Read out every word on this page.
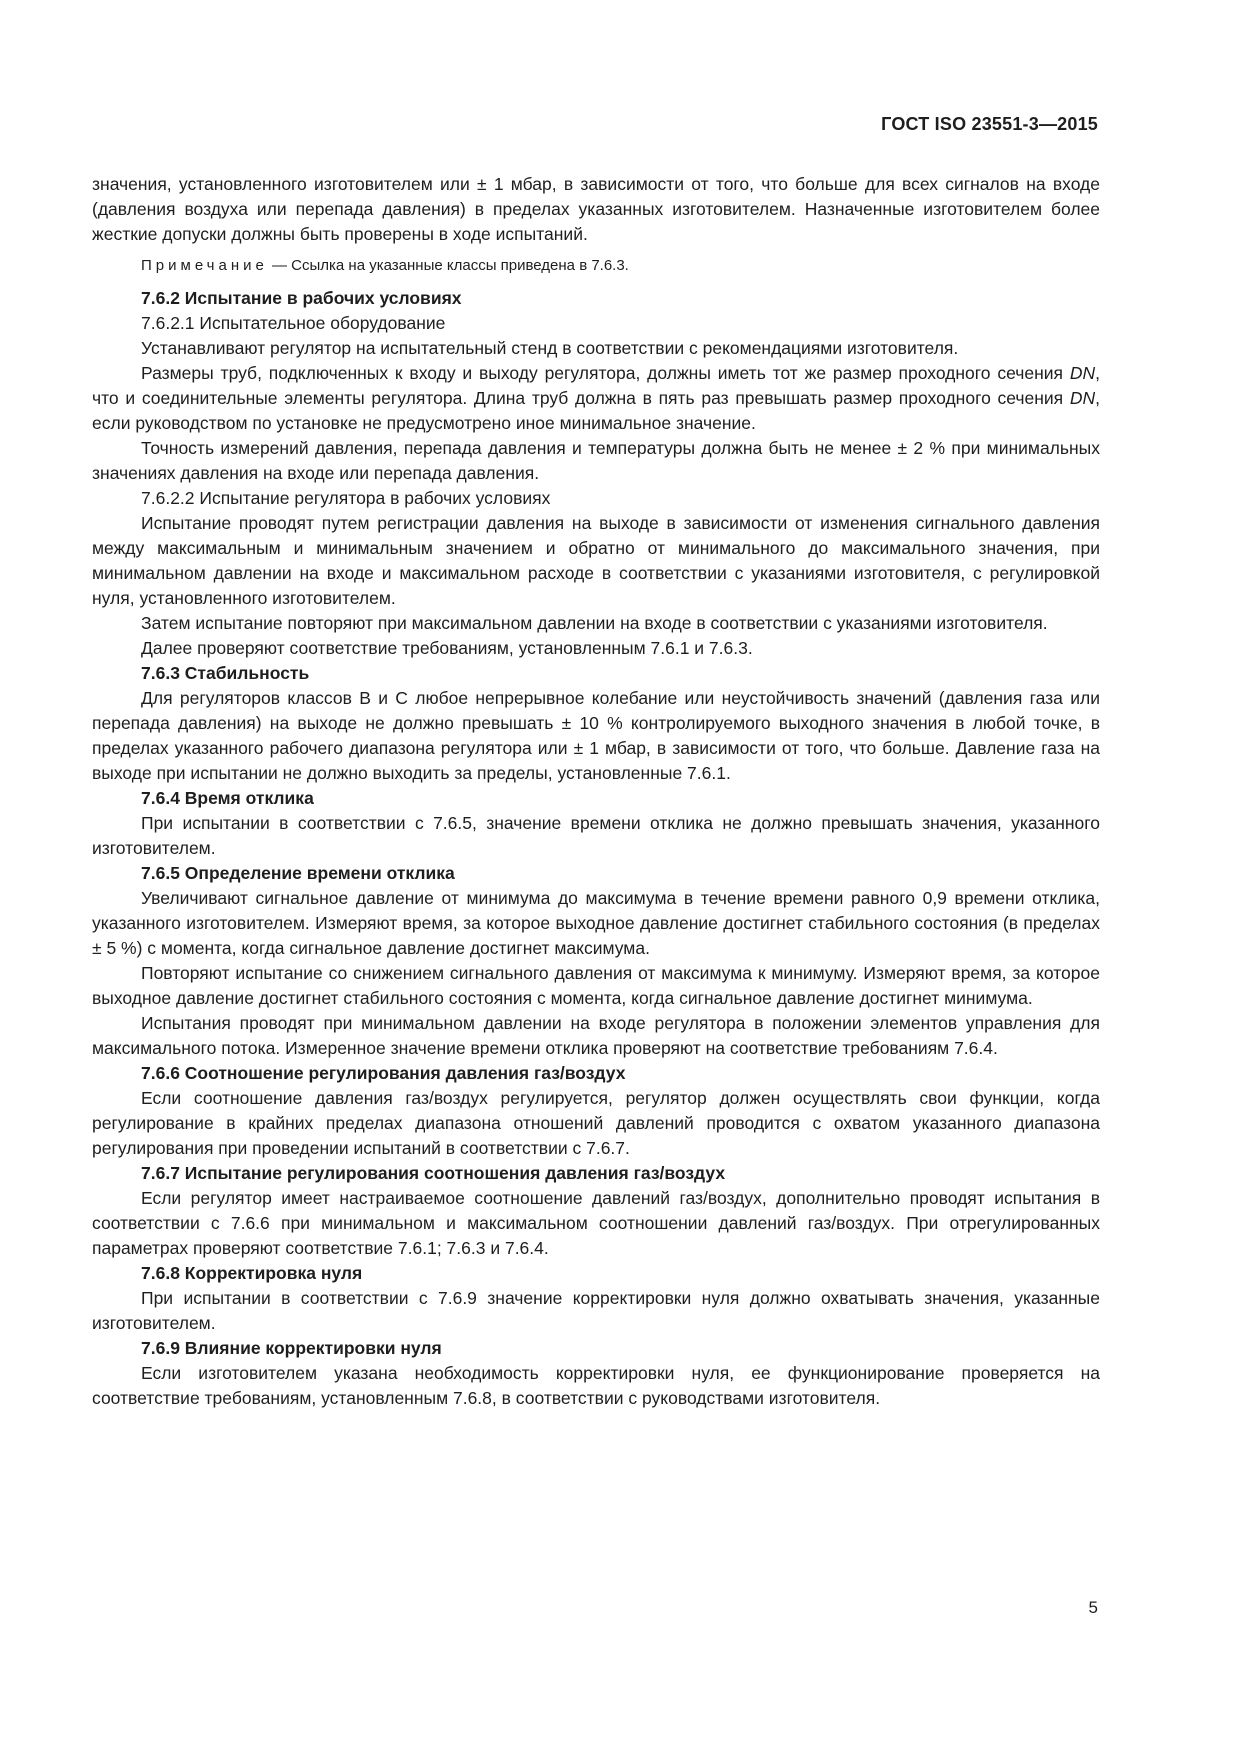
ГОСТ ISO 23551-3—2015

значения, установленного изготовителем или ± 1 мбар, в зависимости от того, что больше для всех сигналов на входе (давления воздуха или перепада давления) в пределах указанных изготовителем. Назначенные изготовителем более жесткие допуски должны быть проверены в ходе испытаний.

Примечание — Ссылка на указанные классы приведена в 7.6.3.

7.6.2 Испытание в рабочих условиях

7.6.2.1 Испытательное оборудование

Устанавливают регулятор на испытательный стенд в соответствии с рекомендациями изготовителя.

Размеры труб, подключенных к входу и выходу регулятора, должны иметь тот же размер проходного сечения DN, что и соединительные элементы регулятора. Длина труб должна в пять раз превышать размер проходного сечения DN, если руководством по установке не предусмотрено иное минимальное значение.

Точность измерений давления, перепада давления и температуры должна быть не менее ± 2 % при минимальных значениях давления на входе или перепада давления.

7.6.2.2 Испытание регулятора в рабочих условиях

Испытание проводят путем регистрации давления на выходе в зависимости от изменения сигнального давления между максимальным и минимальным значением и обратно от минимального до максимального значения, при минимальном давлении на входе и максимальном расходе в соответствии с указаниями изготовителя, с регулировкой нуля, установленного изготовителем.

Затем испытание повторяют при максимальном давлении на входе в соответствии с указаниями изготовителя.

Далее проверяют соответствие требованиям, установленным 7.6.1 и 7.6.3.

7.6.3 Стабильность

Для регуляторов классов В и С любое непрерывное колебание или неустойчивость значений (давления газа или перепада давления) на выходе не должно превышать ± 10 % контролируемого выходного значения в любой точке, в пределах указанного рабочего диапазона регулятора или ± 1 мбар, в зависимости от того, что больше. Давление газа на выходе при испытании не должно выходить за пределы, установленные 7.6.1.

7.6.4 Время отклика

При испытании в соответствии с 7.6.5, значение времени отклика не должно превышать значения, указанного изготовителем.

7.6.5 Определение времени отклика

Увеличивают сигнальное давление от минимума до максимума в течение времени равного 0,9 времени отклика, указанного изготовителем. Измеряют время, за которое выходное давление достигнет стабильного состояния (в пределах ± 5 %) с момента, когда сигнальное давление достигнет максимума.

Повторяют испытание со снижением сигнального давления от максимума к минимуму. Измеряют время, за которое выходное давление достигнет стабильного состояния с момента, когда сигнальное давление достигнет минимума.

Испытания проводят при минимальном давлении на входе регулятора в положении элементов управления для максимального потока. Измеренное значение времени отклика проверяют на соответствие требованиям 7.6.4.

7.6.6 Соотношение регулирования давления газ/воздух

Если соотношение давления газ/воздух регулируется, регулятор должен осуществлять свои функции, когда регулирование в крайних пределах диапазона отношений давлений проводится с охватом указанного диапазона регулирования при проведении испытаний в соответствии с 7.6.7.

7.6.7 Испытание регулирования соотношения давления газ/воздух

Если регулятор имеет настраиваемое соотношение давлений газ/воздух, дополнительно проводят испытания в соответствии с 7.6.6 при минимальном и максимальном соотношении давлений газ/воздух. При отрегулированных параметрах проверяют соответствие 7.6.1; 7.6.3 и 7.6.4.

7.6.8 Корректировка нуля

При испытании в соответствии с 7.6.9 значение корректировки нуля должно охватывать значения, указанные изготовителем.

7.6.9 Влияние корректировки нуля

Если изготовителем указана необходимость корректировки нуля, ее функционирование проверяется на соответствие требованиям, установленным 7.6.8, в соответствии с руководствами изготовителя.

5
